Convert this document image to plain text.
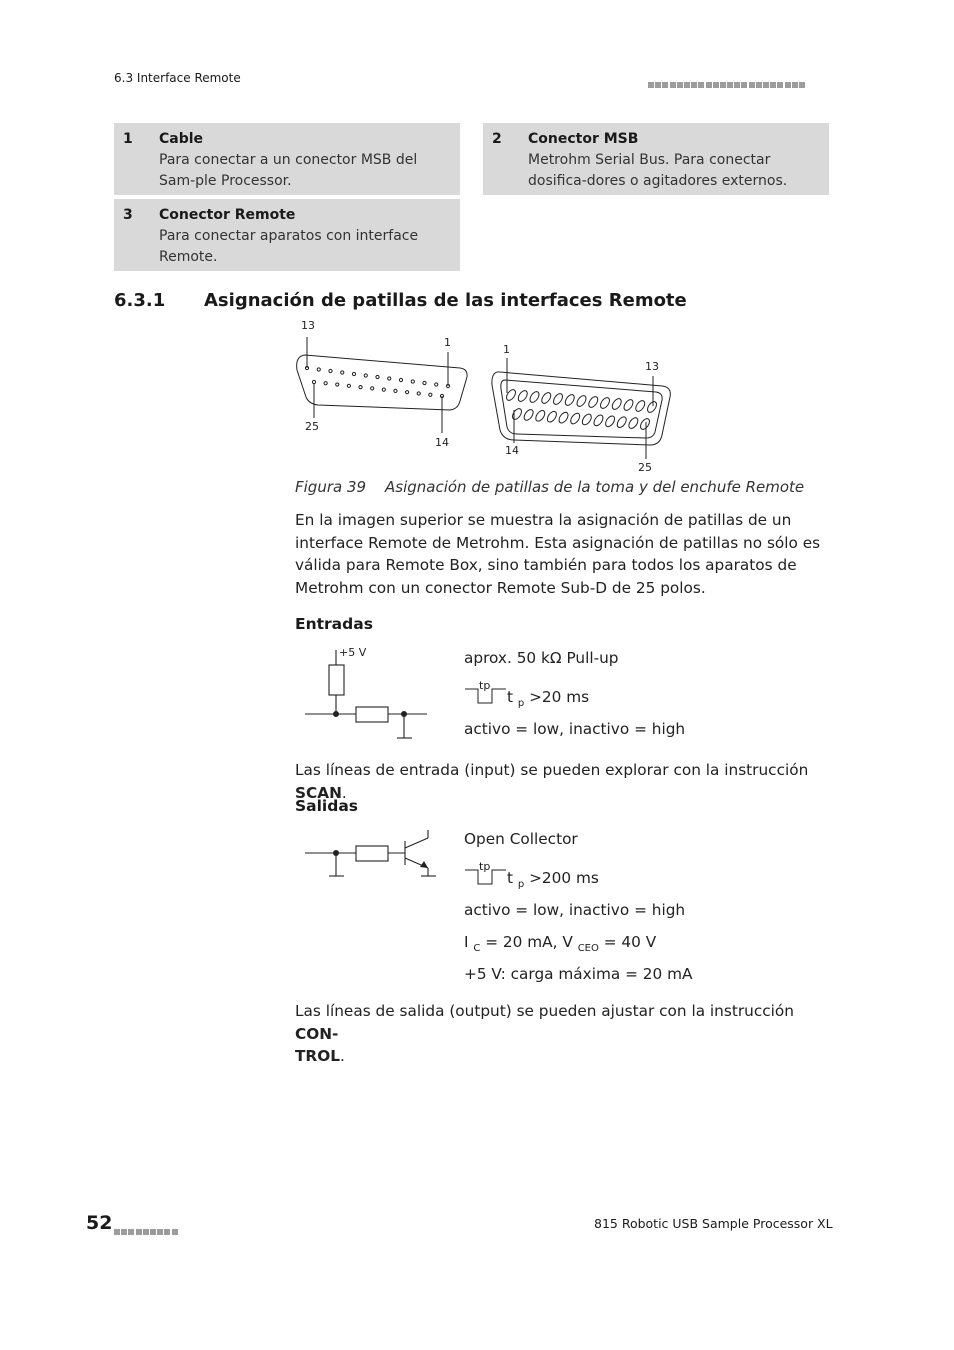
6.3 Interface Remote
1 Cable
Para conectar a un conector MSB del Sam-ple Processor.
2 Conector MSB
Metrohm Serial Bus. Para conectar dosifica-dores o agitadores externos.
3 Conector Remote
Para conectar aparatos con interface Remote.
6.3.1 Asignación de patillas de las interfaces Remote
13
1
25
14
1
13
14
25
Figura 39 Asignación de patillas de la toma y del enchufe Remote
En la imagen superior se muestra la asignación de patillas de un interface Remote de Metrohm. Esta asignación de patillas no sólo es válida para Remote Box, sino también para todos los aparatos de Metrohm con un conector Remote Sub-D de 25 polos.
Entradas
+5 V	aprox. 50 kΩ Pull-up
tp
t $_p$ >20 ms
activo = low, inactivo = high
Las líneas de entrada (input) se pueden explorar con la instrucción SCAN.
Salidas
Open Collector
tp
t $_p$ >200 ms
activo = low, inactivo = high
I $_C$ = 20 mA, V $_{CEO}$ = 40 V
+5 V: carga máxima = 20 mA
Las líneas de salida (output) se pueden ajustar con la instrucción CON-
TROL.
52	815 Robotic USB Sample Processor XL
